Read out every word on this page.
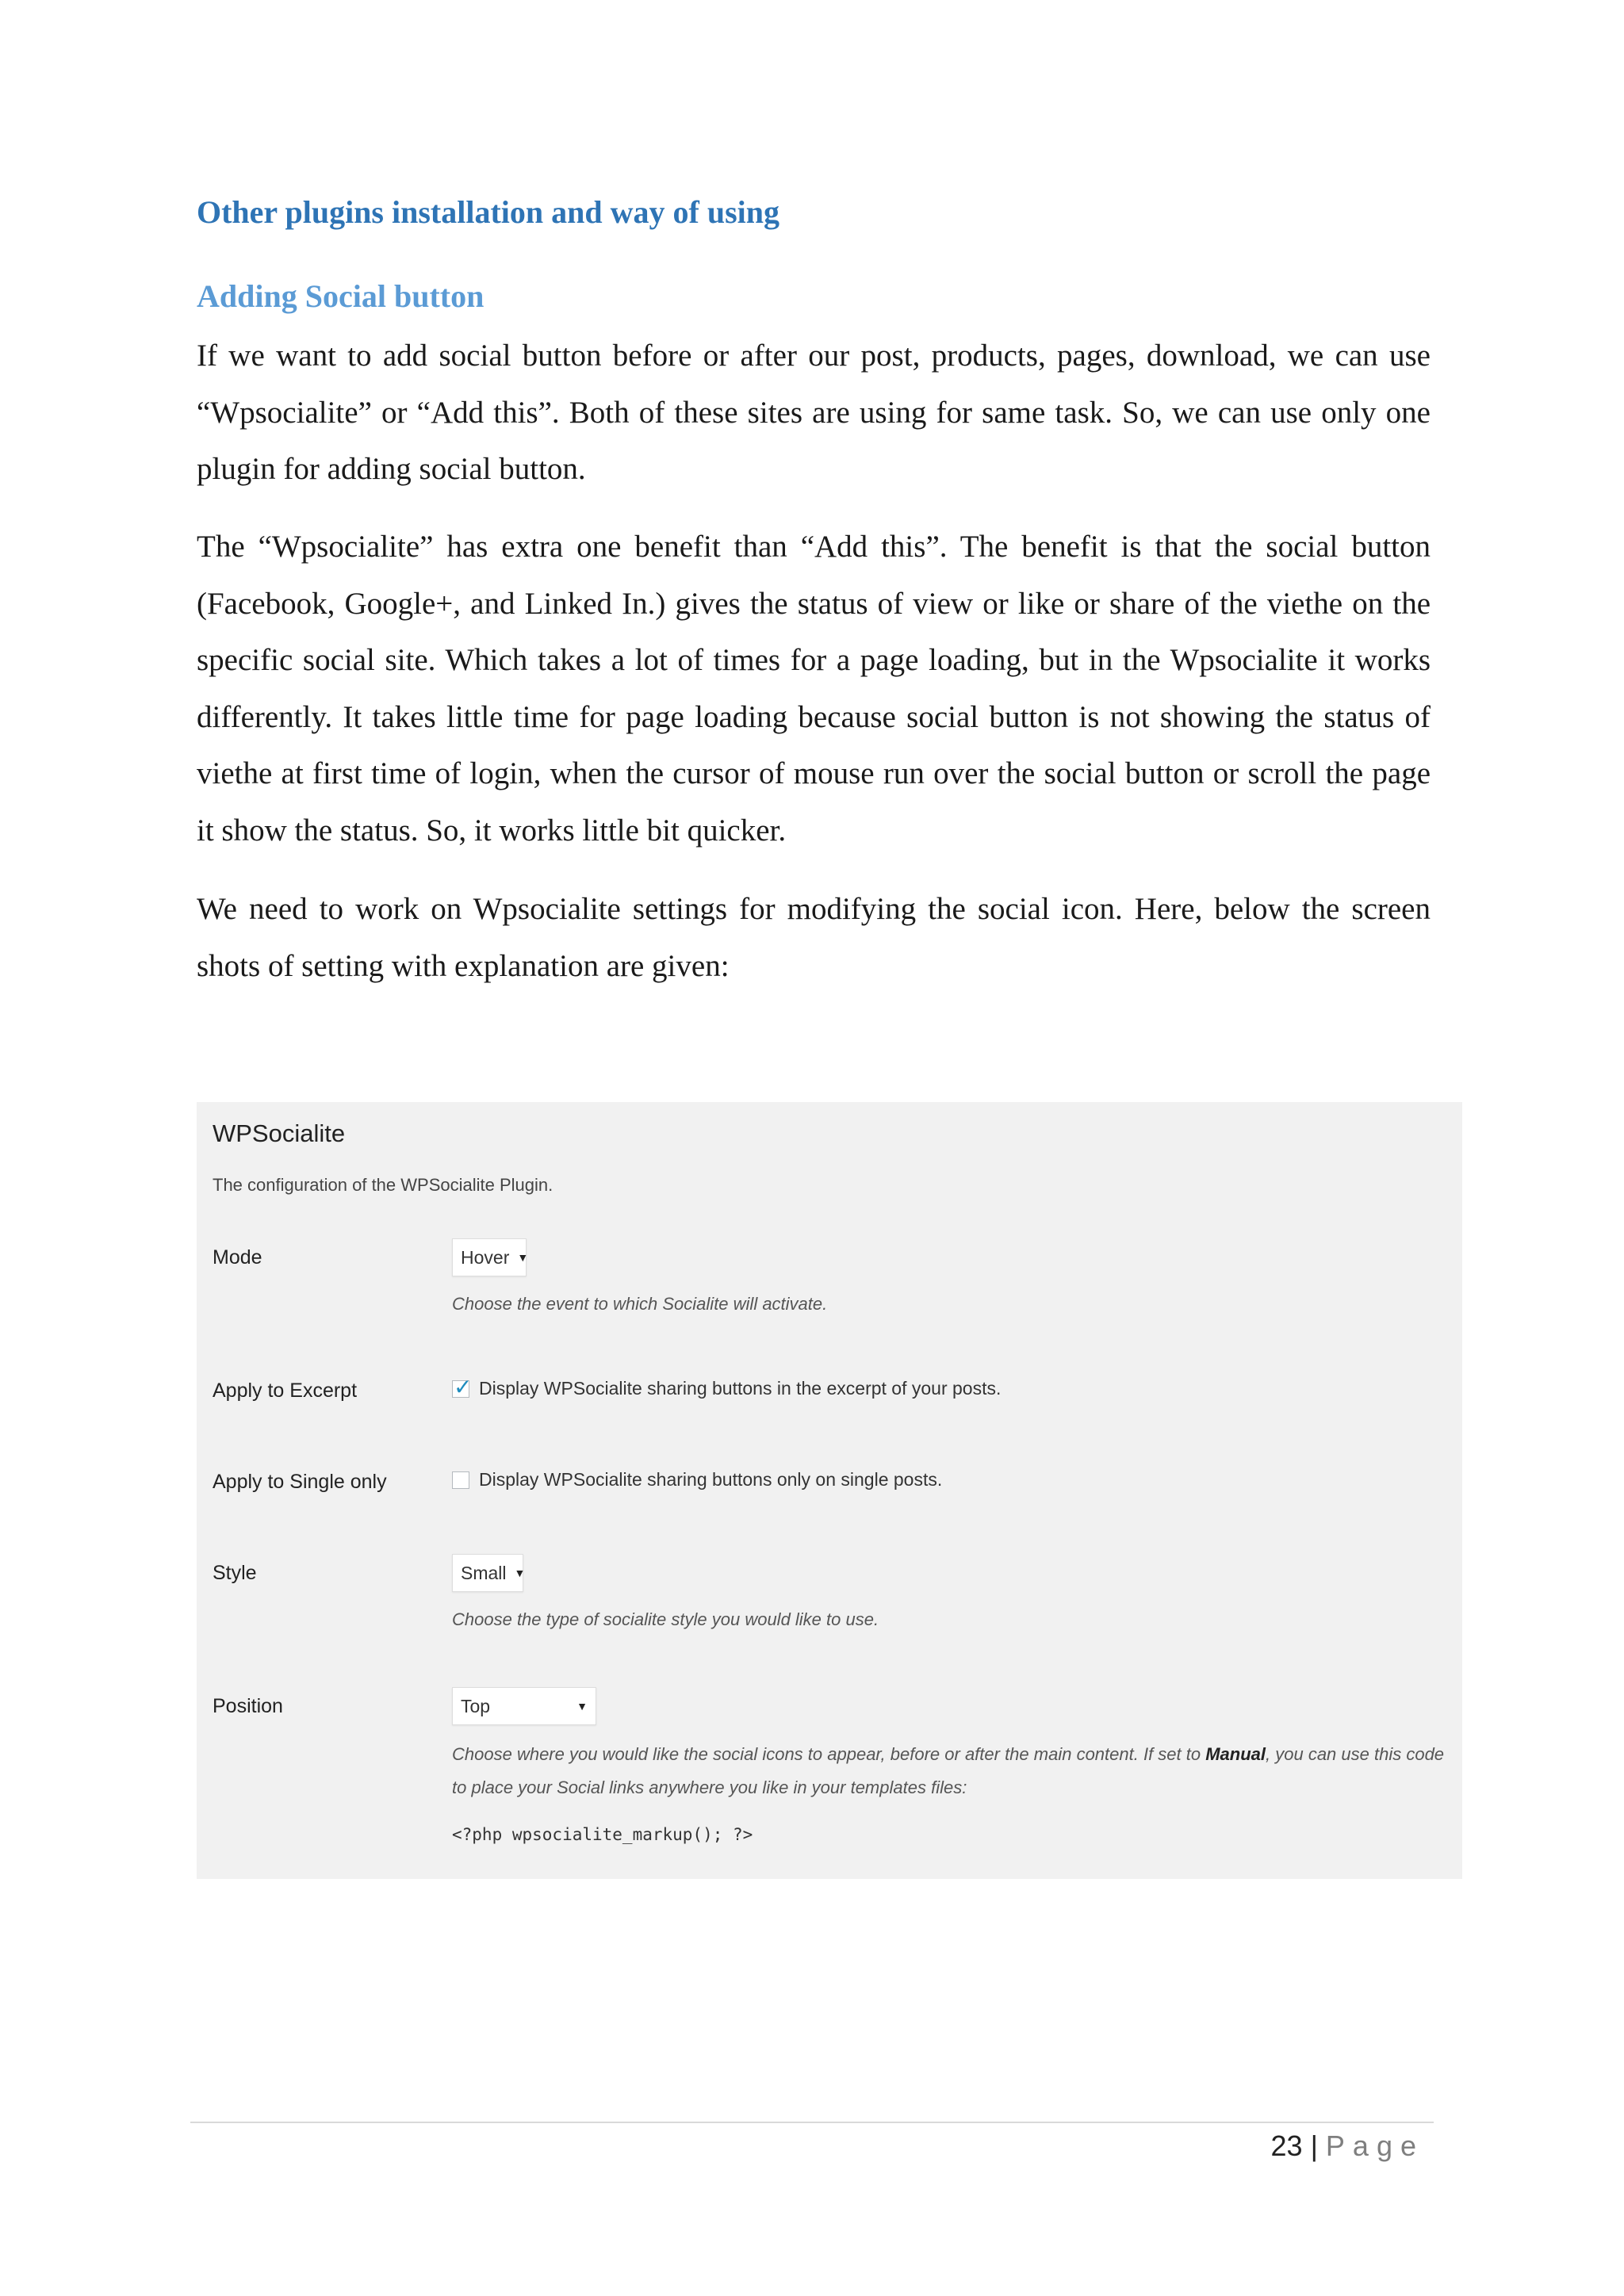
Other plugins installation and way of using
Adding Social button

If we want to add social button before or after our post, products, pages, download, we can use “Wpsocialite” or “Add this”. Both of these sites are using for same task. So, we can use only one plugin for adding social button.

The “Wpsocialite” has extra one benefit than “Add this”. The benefit is that the social button (Facebook, Google+, and Linked In.) gives the status of view or like or share of the viethe on the specific social site. Which takes a lot of times for a page loading, but in the Wpsocialite it works differently. It takes little time for page loading because social button is not showing the status of viethe at first time of login, when the cursor of mouse run over the social button or scroll the page it show the status. So, it works little bit quicker.

We need to work on Wpsocialite settings for modifying the social icon. Here, below the screen shots of setting with explanation are given:

WPSocialite
The configuration of the WPSocialite Plugin.
Mode	Hover ▼
Choose the event to which Socialite will activate.
Apply to Excerpt
✓	Display WPSocialite sharing buttons in the excerpt of your posts.
Apply to Single only	Display WPSocialite sharing buttons only on single posts.
Style	Small ▼
Choose the type of socialite style you would like to use.
Position	Top	▼
Choose where you would like the social icons to appear, before or after the main content. If set to Manual, you can use this code to place your Social links anywhere you like in your templates files:
<?php wpsocialite_markup(); ?>
23 | Page
